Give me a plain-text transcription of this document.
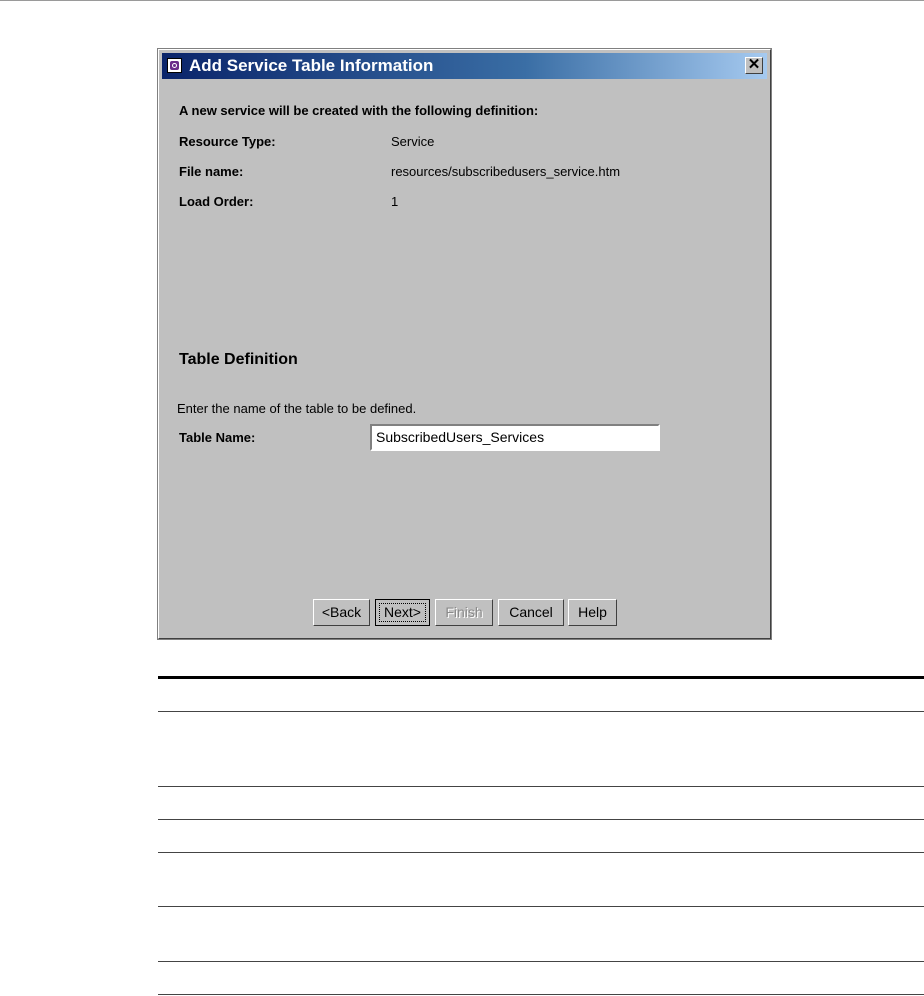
Add Service Table Information	✕
A new service will be created with the following definition:
Resource Type:	Service
File name:	resources/subscribedusers_service.htm
Load Order:	1
Table Definition
Enter the name of the table to be defined.
Table Name:	SubscribedUsers_Services
<Back	Next>	Finish	Cancel	Help
